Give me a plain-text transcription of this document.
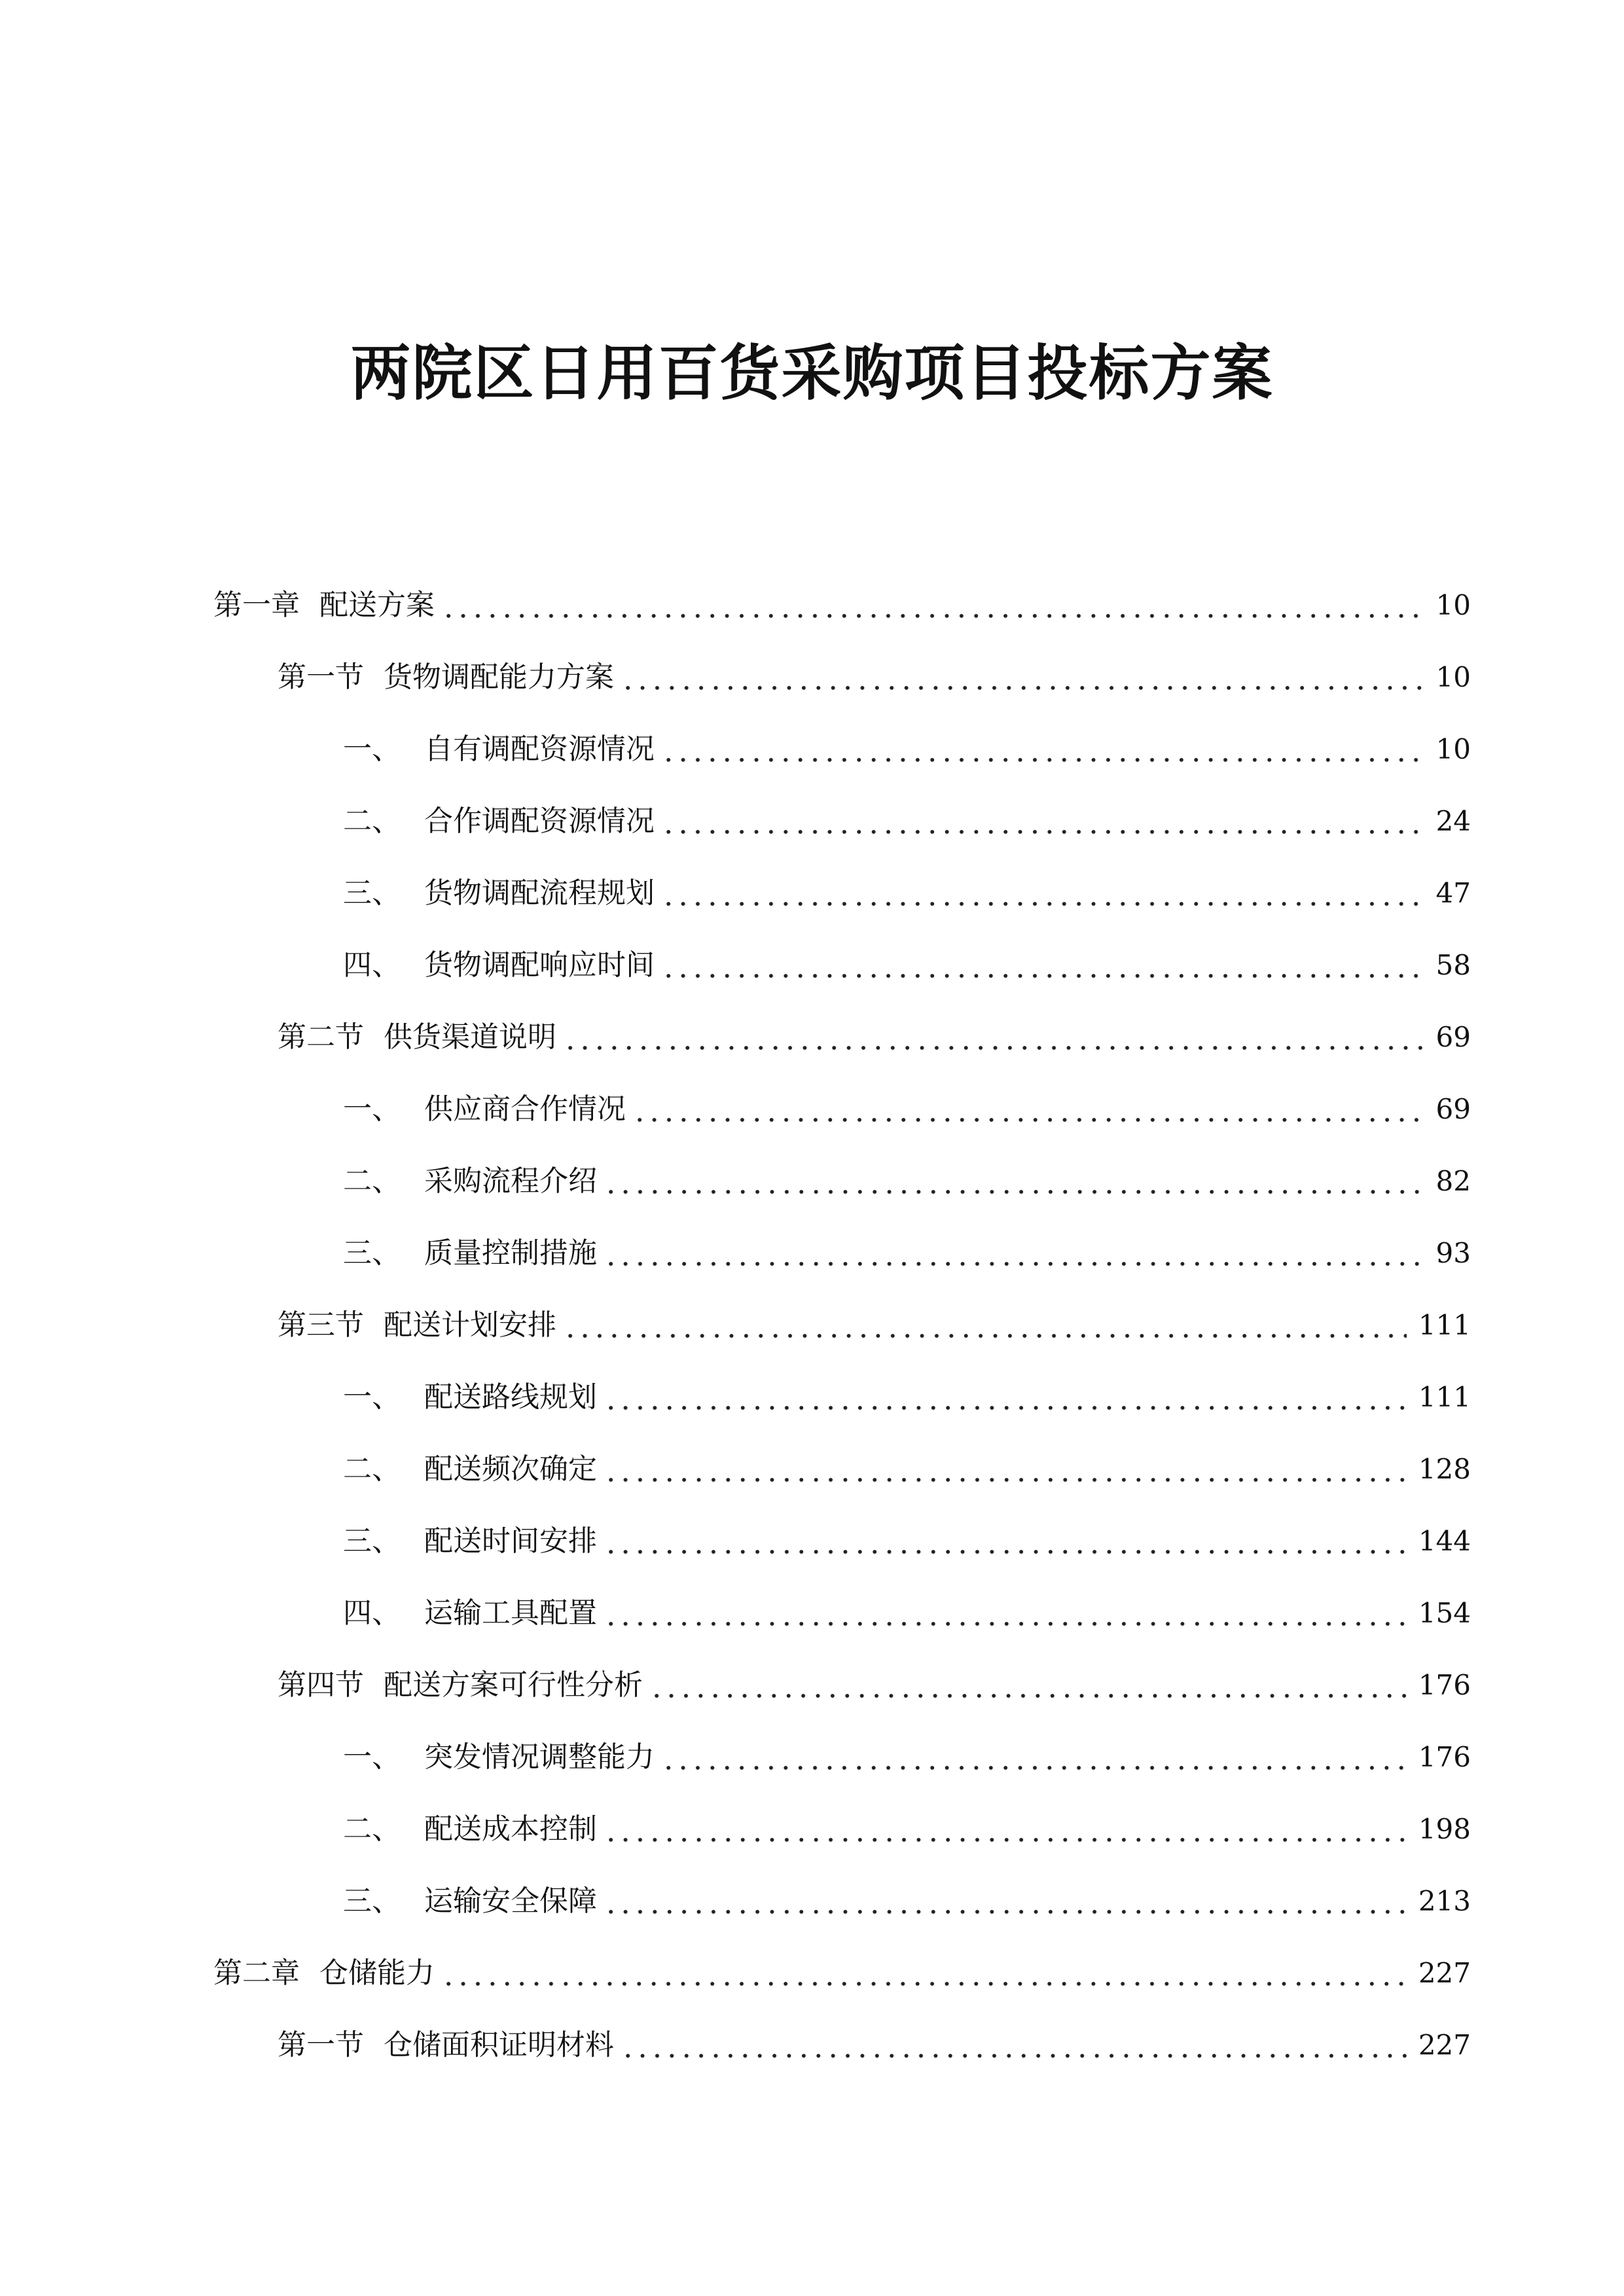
两院区日用百货采购项目投标方案
第一章 配送方案	10
第一节 货物调配能力方案	10
一、 自有调配资源情况	10
二、 合作调配资源情况	24
三、 货物调配流程规划	47
四、 货物调配响应时间	58
第二节 供货渠道说明	69
一、 供应商合作情况	69
二、 采购流程介绍	82
三、 质量控制措施	93
第三节 配送计划安排	111
一、 配送路线规划	111
二、 配送频次确定	128
三、 配送时间安排	144
四、 运输工具配置	154
第四节 配送方案可行性分析	176
一、 突发情况调整能力	176
二、 配送成本控制	198
三、 运输安全保障	213
第二章 仓储能力	227
第一节 仓储面积证明材料	227
